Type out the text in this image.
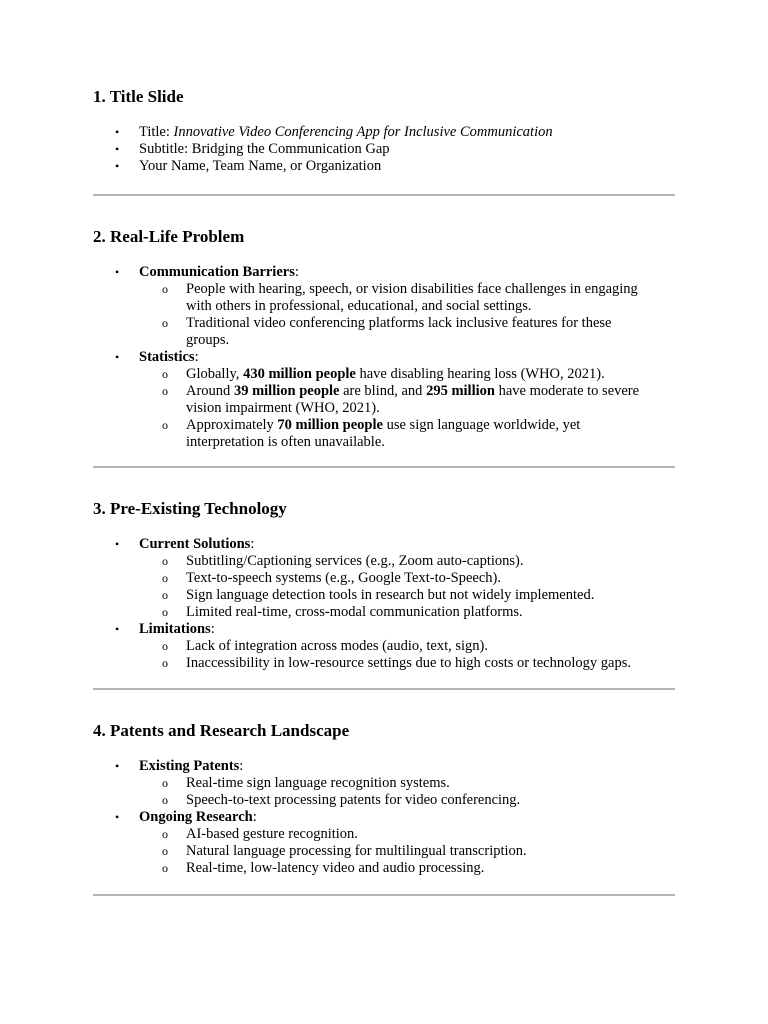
1. Title Slide
• Title: Innovative Video Conferencing App for Inclusive Communication
• Subtitle: Bridging the Communication Gap
• Your Name, Team Name, or Organization
2. Real-Life Problem
• Communication Barriers:
o People with hearing, speech, or vision disabilities face challenges in engaging
with others in professional, educational, and social settings.
o Traditional video conferencing platforms lack inclusive features for these
groups.
• Statistics:
o Globally, 430 million people have disabling hearing loss (WHO, 2021).
o Around 39 million people are blind, and 295 million have moderate to severe
vision impairment (WHO, 2021).
o Approximately 70 million people use sign language worldwide, yet
interpretation is often unavailable.
3. Pre-Existing Technology
• Current Solutions:
o Subtitling/Captioning services (e.g., Zoom auto-captions).
o Text-to-speech systems (e.g., Google Text-to-Speech).
o Sign language detection tools in research but not widely implemented.
o Limited real-time, cross-modal communication platforms.
• Limitations:
o Lack of integration across modes (audio, text, sign).
o Inaccessibility in low-resource settings due to high costs or technology gaps.
4. Patents and Research Landscape
• Existing Patents:
o Real-time sign language recognition systems.
o Speech-to-text processing patents for video conferencing.
• Ongoing Research:
o AI-based gesture recognition.
o Natural language processing for multilingual transcription.
o Real-time, low-latency video and audio processing.
